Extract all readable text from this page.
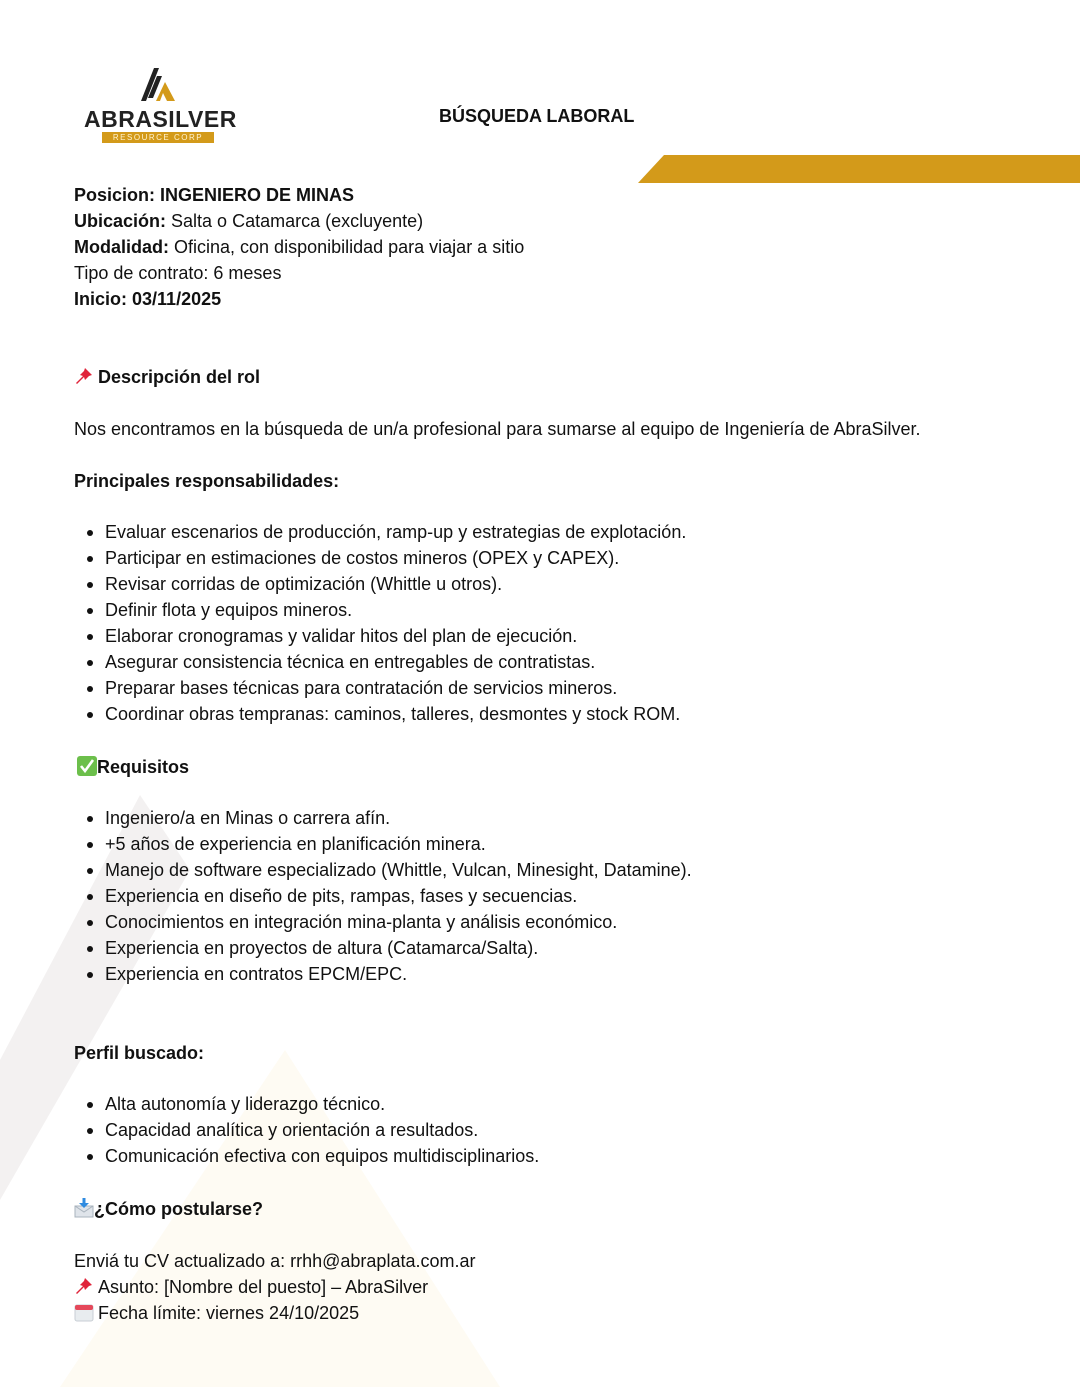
ABRASILVER
RESOURCE CORP
BÚSQUEDA LABORAL
Posicion: INGENIERO DE MINAS
Ubicación: Salta o Catamarca (excluyente)
Modalidad: Oficina, con disponibilidad para viajar a sitio
Tipo de contrato: 6 meses
Inicio: 03/11/2025
Descripción del rol
Nos encontramos en la búsqueda de un/a profesional para sumarse al equipo de Ingeniería de AbraSilver.
Principales responsabilidades:
Evaluar escenarios de producción, ramp-up y estrategias de explotación.
Participar en estimaciones de costos mineros (OPEX y CAPEX).
Revisar corridas de optimización (Whittle u otros).
Definir flota y equipos mineros.
Elaborar cronogramas y validar hitos del plan de ejecución.
Asegurar consistencia técnica en entregables de contratistas.
Preparar bases técnicas para contratación de servicios mineros.
Coordinar obras tempranas: caminos, talleres, desmontes y stock ROM.
Requisitos
Ingeniero/a en Minas o carrera afín.
+5 años de experiencia en planificación minera.
Manejo de software especializado (Whittle, Vulcan, Minesight, Datamine).
Experiencia en diseño de pits, rampas, fases y secuencias.
Conocimientos en integración mina-planta y análisis económico.
Experiencia en proyectos de altura (Catamarca/Salta).
Experiencia en contratos EPCM/EPC.
Perfil buscado:
Alta autonomía y liderazgo técnico.
Capacidad analítica y orientación a resultados.
Comunicación efectiva con equipos multidisciplinarios.
¿Cómo postularse?
Enviá tu CV actualizado a: rrhh@abraplata.com.ar
Asunto: [Nombre del puesto] – AbraSilver
Fecha límite: viernes 24/10/2025
